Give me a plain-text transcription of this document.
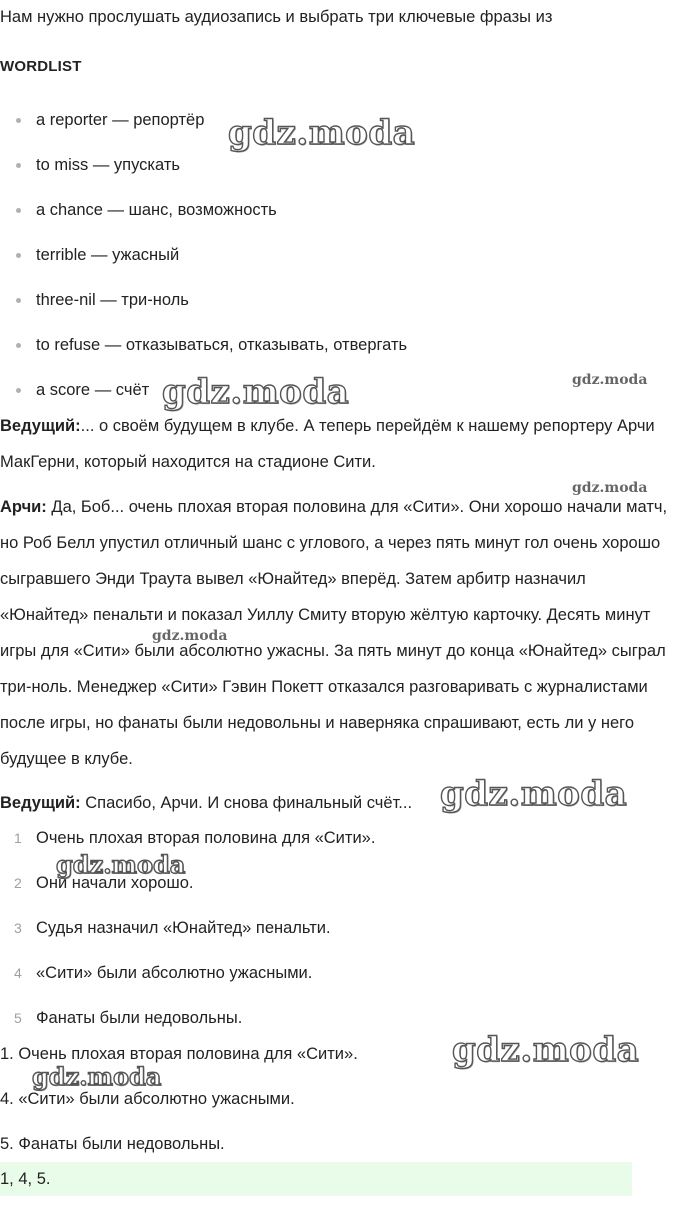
Нам нужно прослушать аудиозапись и выбрать три ключевые фразы из
WORDLIST
a reporter — репортёр
to miss — упускать
a chance — шанс, возможность
terrible — ужасный
three-nil — три-ноль
to refuse — отказываться, отказывать, отвергать
a score — счёт
Ведущий:... о своём будущем в клубе. А теперь перейдём к нашему репортеру Арчи МакГерни, который находится на стадионе Сити.
Арчи: Да, Боб... очень плохая вторая половина для «Сити». Они хорошо начали матч, но Роб Белл упустил отличный шанс с углового, а через пять минут гол очень хорошо сыгравшего Энди Траута вывел «Юнайтед» вперёд. Затем арбитр назначил «Юнайтед» пенальти и показал Уиллу Смиту вторую жёлтую карточку. Десять минут игры для «Сити» были абсолютно ужасны. За пять минут до конца «Юнайтед» сыграл три-ноль. Менеджер «Сити» Гэвин Покетт отказался разговаривать с журналистами после игры, но фанаты были недовольны и наверняка спрашивают, есть ли у него будущее в клубе.
Ведущий: Спасибо, Арчи. И снова финальный счёт...
1 Очень плохая вторая половина для «Сити».
2 Они начали хорошо.
3 Судья назначил «Юнайтед» пенальти.
4 «Сити» были абсолютно ужасными.
5 Фанаты были недовольны.
1. Очень плохая вторая половина для «Сити».
4. «Сити» были абсолютно ужасными.
5. Фанаты были недовольны.
1, 4, 5.
gdz.moda
gdz.moda	gdz.moda
gdz.moda
gdz.moda
gdz.moda
gdz.moda
gdz.moda
gdz.moda
